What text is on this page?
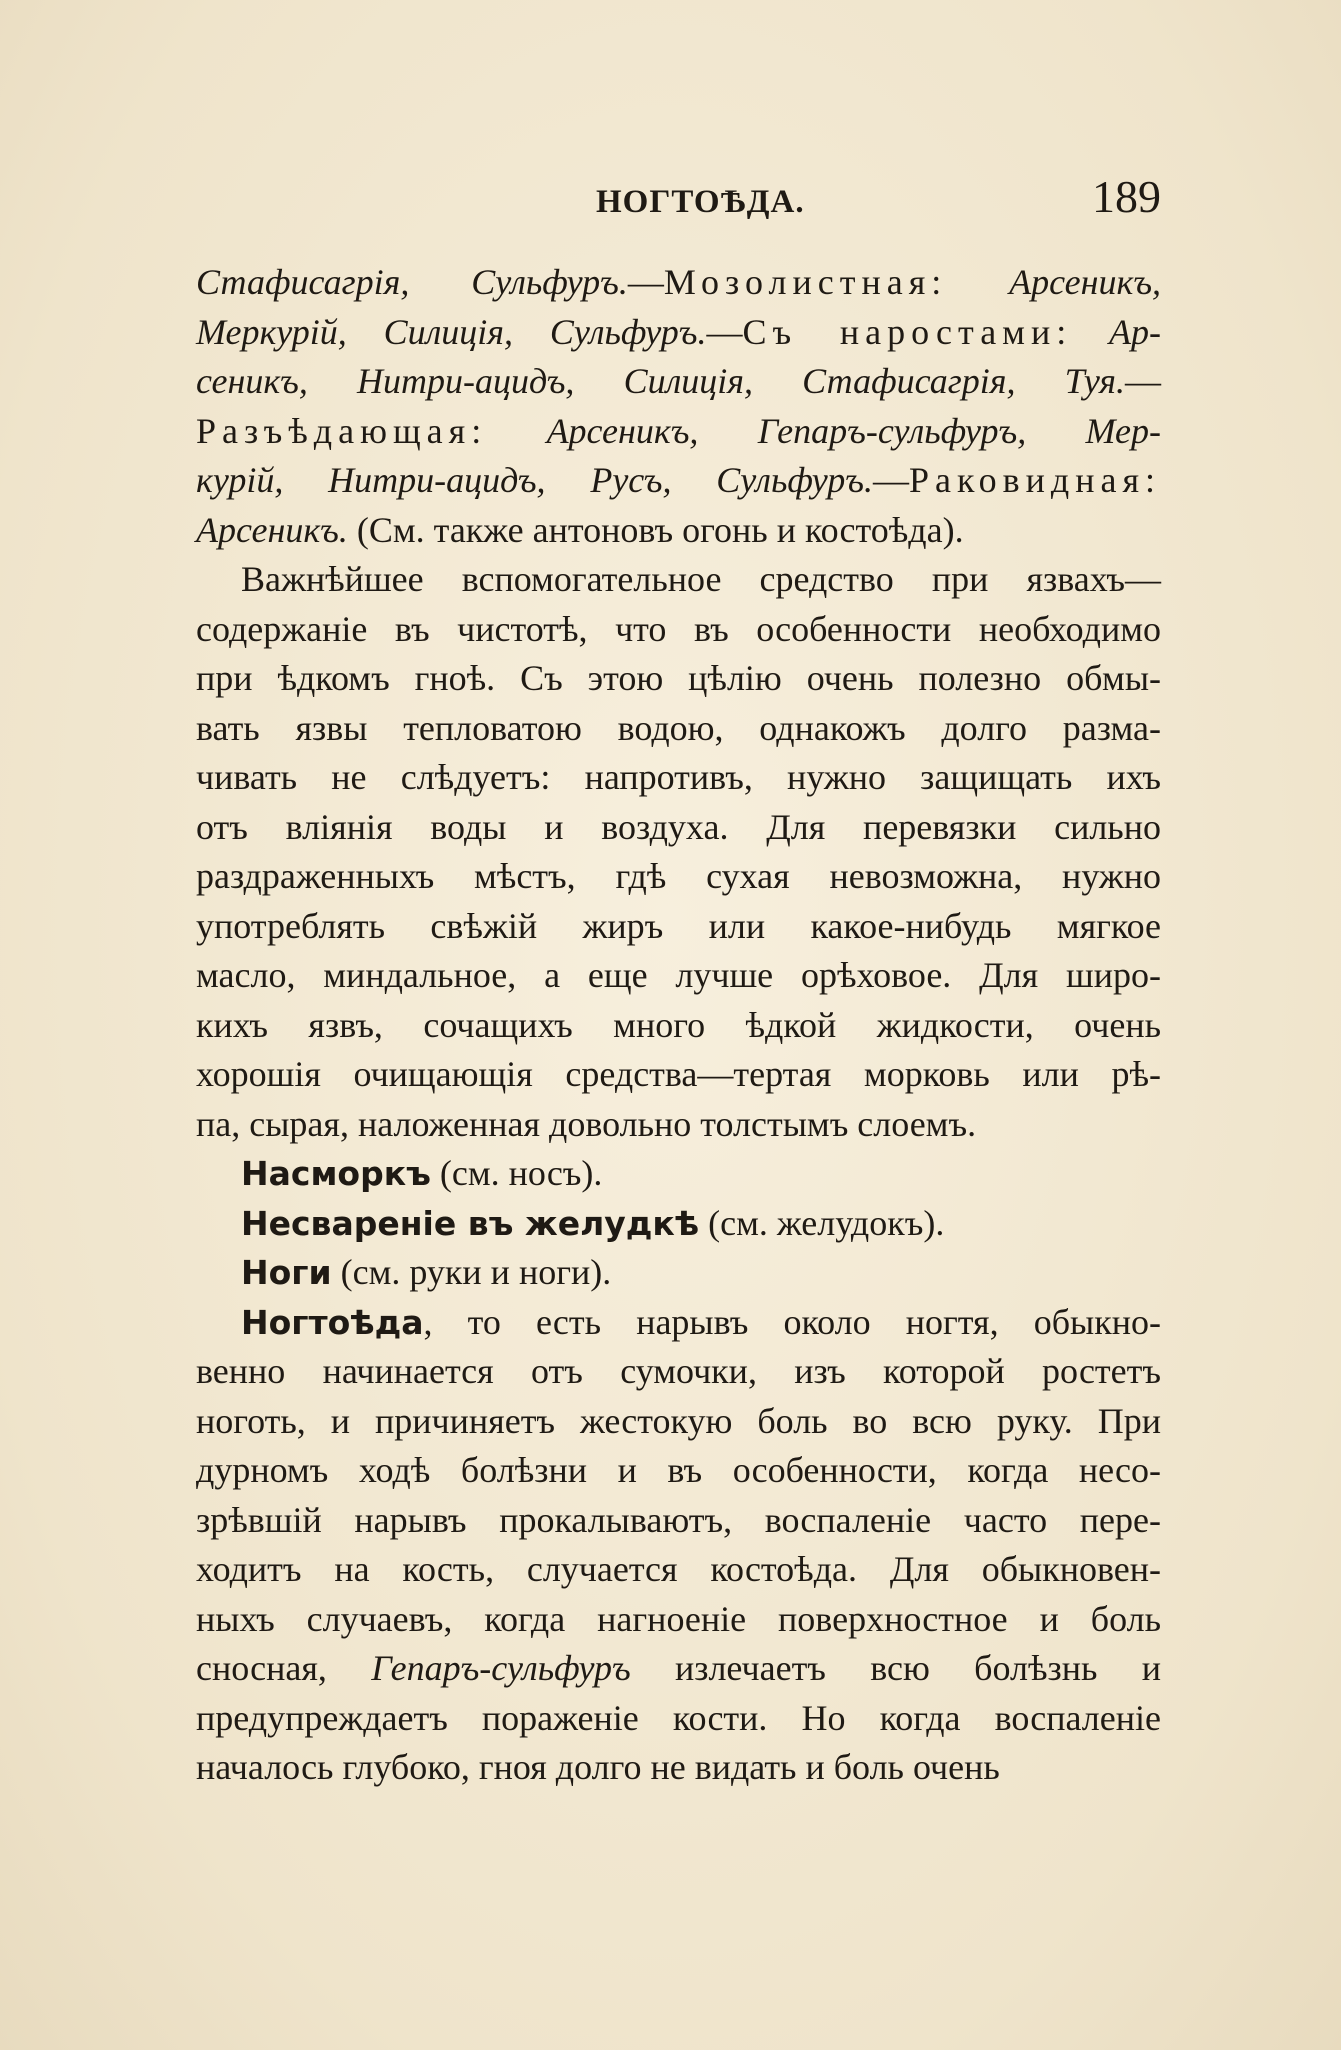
НОГТОѢДА.	189
Стафисагрія, Сульфуръ.—Мозолистная: Арсеникъ,
Меркурій, Силиція, Сульфуръ.—Съ наростами: Ар-
сеникъ, Нитри-ацидъ, Силиція, Стафисагрія, Туя.—
Разъѣдающая: Арсеникъ, Гепаръ-сульфуръ, Мер-
курій, Нитри-ацидъ, Русъ, Сульфуръ.—Раковидная:
Арсеникъ. (См. также антоновъ огонь и костоѣда).
Важнѣйшее вспомогательное средство при язвахъ—
содержаніе въ чистотѣ, что въ особенности необходимо
при ѣдкомъ гноѣ. Съ этою цѣлію очень полезно обмы-
вать язвы тепловатою водою, однакожъ долго разма-
чивать не слѣдуетъ: напротивъ, нужно защищать ихъ
отъ вліянія воды и воздуха. Для перевязки сильно
раздраженныхъ мѣстъ, гдѣ сухая невозможна, нужно
употреблять свѣжій жиръ или какое-нибудь мягкое
масло, миндальное, а еще лучше орѣховое. Для широ-
кихъ язвъ, сочащихъ много ѣдкой жидкости, очень
хорошія очищающія средства—тертая морковь или рѣ-
па, сырая, наложенная довольно толстымъ слоемъ.
Насморкъ (см. носъ).
Несвареніе въ желудкѣ (см. желудокъ).
Ноги (см. руки и ноги).
Ногтоѣда, то есть нарывъ около ногтя, обыкно-
венно начинается отъ сумочки, изъ которой ростетъ
ноготь, и причиняетъ жестокую боль во всю руку. При
дурномъ ходѣ болѣзни и въ особенности, когда несо-
зрѣвшій нарывъ прокалываютъ, воспаленіе часто пере-
ходитъ на кость, случается костоѣда. Для обыкновен-
ныхъ случаевъ, когда нагноеніе поверхностное и боль
сносная, Гепаръ-сульфуръ излечаетъ всю болѣзнь и
предупреждаетъ пораженіе кости. Но когда воспаленіе
началось глубоко, гноя долго не видать и боль очень
